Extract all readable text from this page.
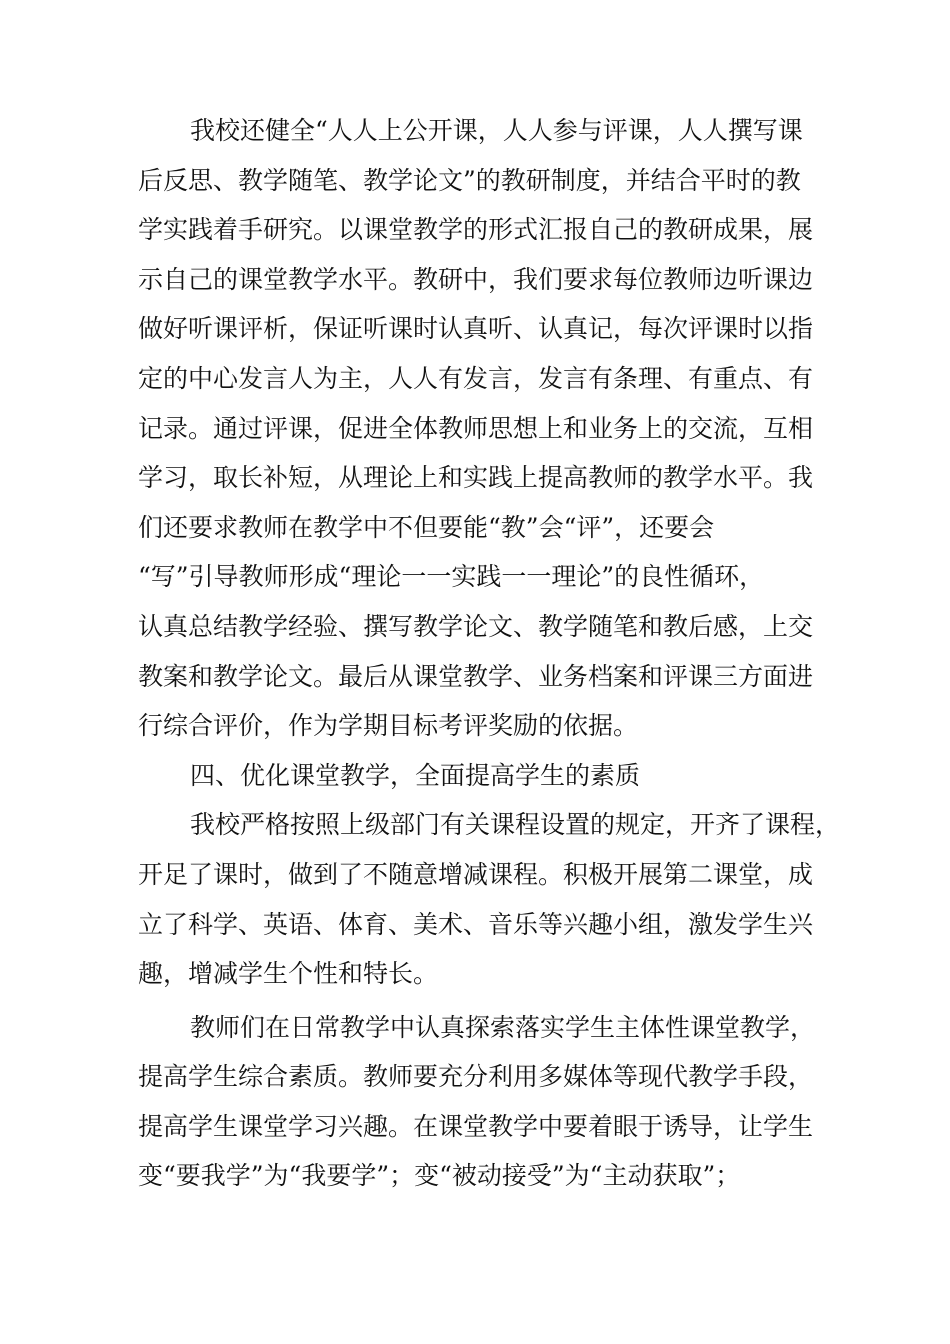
我校还健全“人人上公开课，人人参与评课，人人撰写课
后反思、教学随笔、教学论文”的教研制度，并结合平时的教
学实践着手研究。以课堂教学的形式汇报自己的教研成果，展
示自己的课堂教学水平。教研中，我们要求每位教师边听课边
做好听课评析，保证听课时认真听、认真记，每次评课时以指
定的中心发言人为主，人人有发言，发言有条理、有重点、有
记录。通过评课，促进全体教师思想上和业务上的交流，互相
学习，取长补短，从理论上和实践上提高教师的教学水平。我
们还要求教师在教学中不但要能“教”会“评”，还要会
“写”引导教师形成“理论一一实践一一理论”的良性循环，
认真总结教学经验、撰写教学论文、教学随笔和教后感，上交
教案和教学论文。最后从课堂教学、业务档案和评课三方面进
行综合评价，作为学期目标考评奖励的依据。
四、优化课堂教学，全面提高学生的素质
我校严格按照上级部门有关课程设置的规定，开齐了课程，
开足了课时，做到了不随意增减课程。积极开展第二课堂，成
立了科学、英语、体育、美术、音乐等兴趣小组，激发学生兴
趣，增减学生个性和特长。
教师们在日常教学中认真探索落实学生主体性课堂教学，
提高学生综合素质。教师要充分利用多媒体等现代教学手段，
提高学生课堂学习兴趣。在课堂教学中要着眼于诱导，让学生
变“要我学”为“我要学”；变“被动接受”为“主动获取”；
